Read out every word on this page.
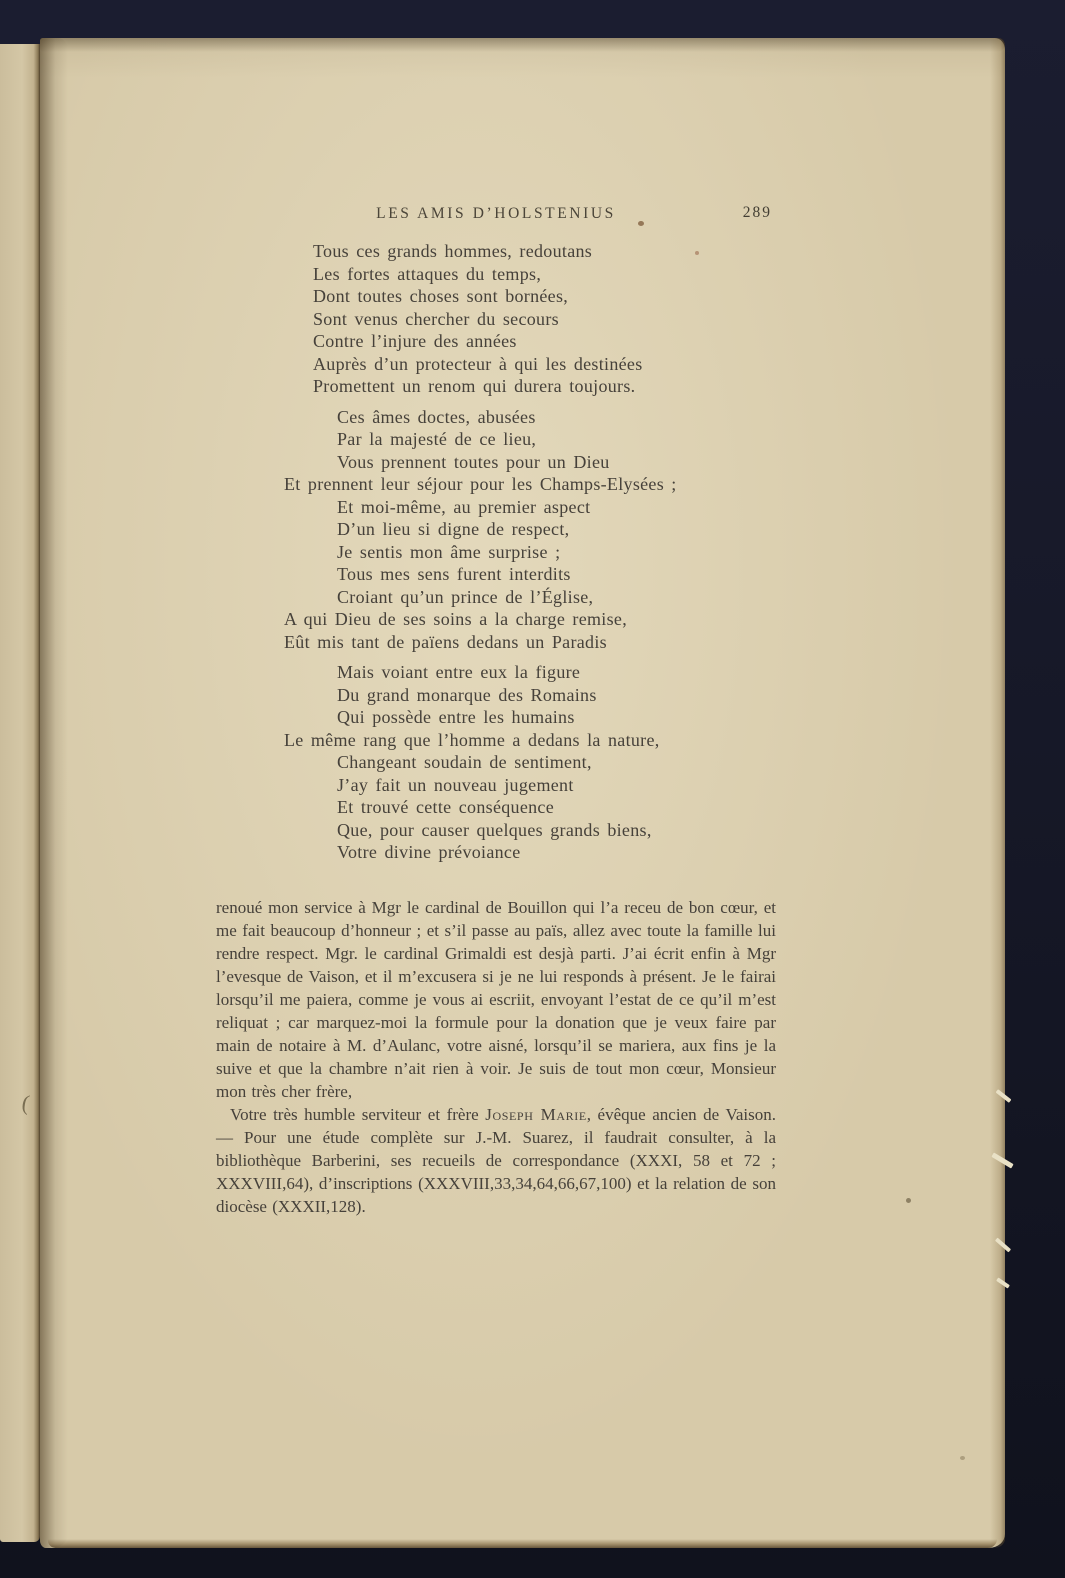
(
LES AMIS D’HOLSTENIUS	289
Tous ces grands hommes, redoutans
Les fortes attaques du temps,
Dont toutes choses sont bornées,
Sont venus chercher du secours
Contre l’injure des années
Auprès d’un protecteur à qui les destinées
Promettent un renom qui durera toujours.
Ces âmes doctes, abusées
Par la majesté de ce lieu,
Vous prennent toutes pour un Dieu
Et prennent leur séjour pour les Champs-Elysées ;
Et moi-même, au premier aspect
D’un lieu si digne de respect,
Je sentis mon âme surprise ;
Tous mes sens furent interdits
Croiant qu’un prince de l’Église,
A qui Dieu de ses soins a la charge remise,
Eût mis tant de païens dedans un Paradis
Mais voiant entre eux la figure
Du grand monarque des Romains
Qui possède entre les humains
Le même rang que l’homme a dedans la nature,
Changeant soudain de sentiment,
J’ay fait un nouveau jugement
Et trouvé cette conséquence
Que, pour causer quelques grands biens,
Votre divine prévoiance

renoué mon service à Mgr le cardinal de Bouillon qui l’a receu de bon cœur, et me fait beaucoup d’honneur ; et s’il passe au païs, allez avec toute la famille lui rendre respect. Mgr. le cardinal Grimaldi est desjà parti. J’ai écrit enfin à Mgr l’evesque de Vaison, et il m’excusera si je ne lui responds à présent. Je le fairai lorsqu’il me paiera, comme je vous ai escriit, envoyant l’estat de ce qu’il m’est reliquat ; car marquez-moi la formule pour la donation que je veux faire par main de notaire à M. d’Aulanc, votre aisné, lorsqu’il se mariera, aux fins je la suive et que la chambre n’ait rien à voir. Je suis de tout mon cœur, Monsieur mon très cher frère,

Votre très humble serviteur et frère Joseph Marie, évêque ancien de Vaison. — Pour une étude complète sur J.-M. Suarez, il faudrait consulter, à la bibliothèque Barberini, ses recueils de correspondance (XXXI, 58 et 72 ; XXXVIII,64), d’inscriptions (XXXVIII,33,34,64,66,67,100) et la relation de son diocèse (XXXII,128).
